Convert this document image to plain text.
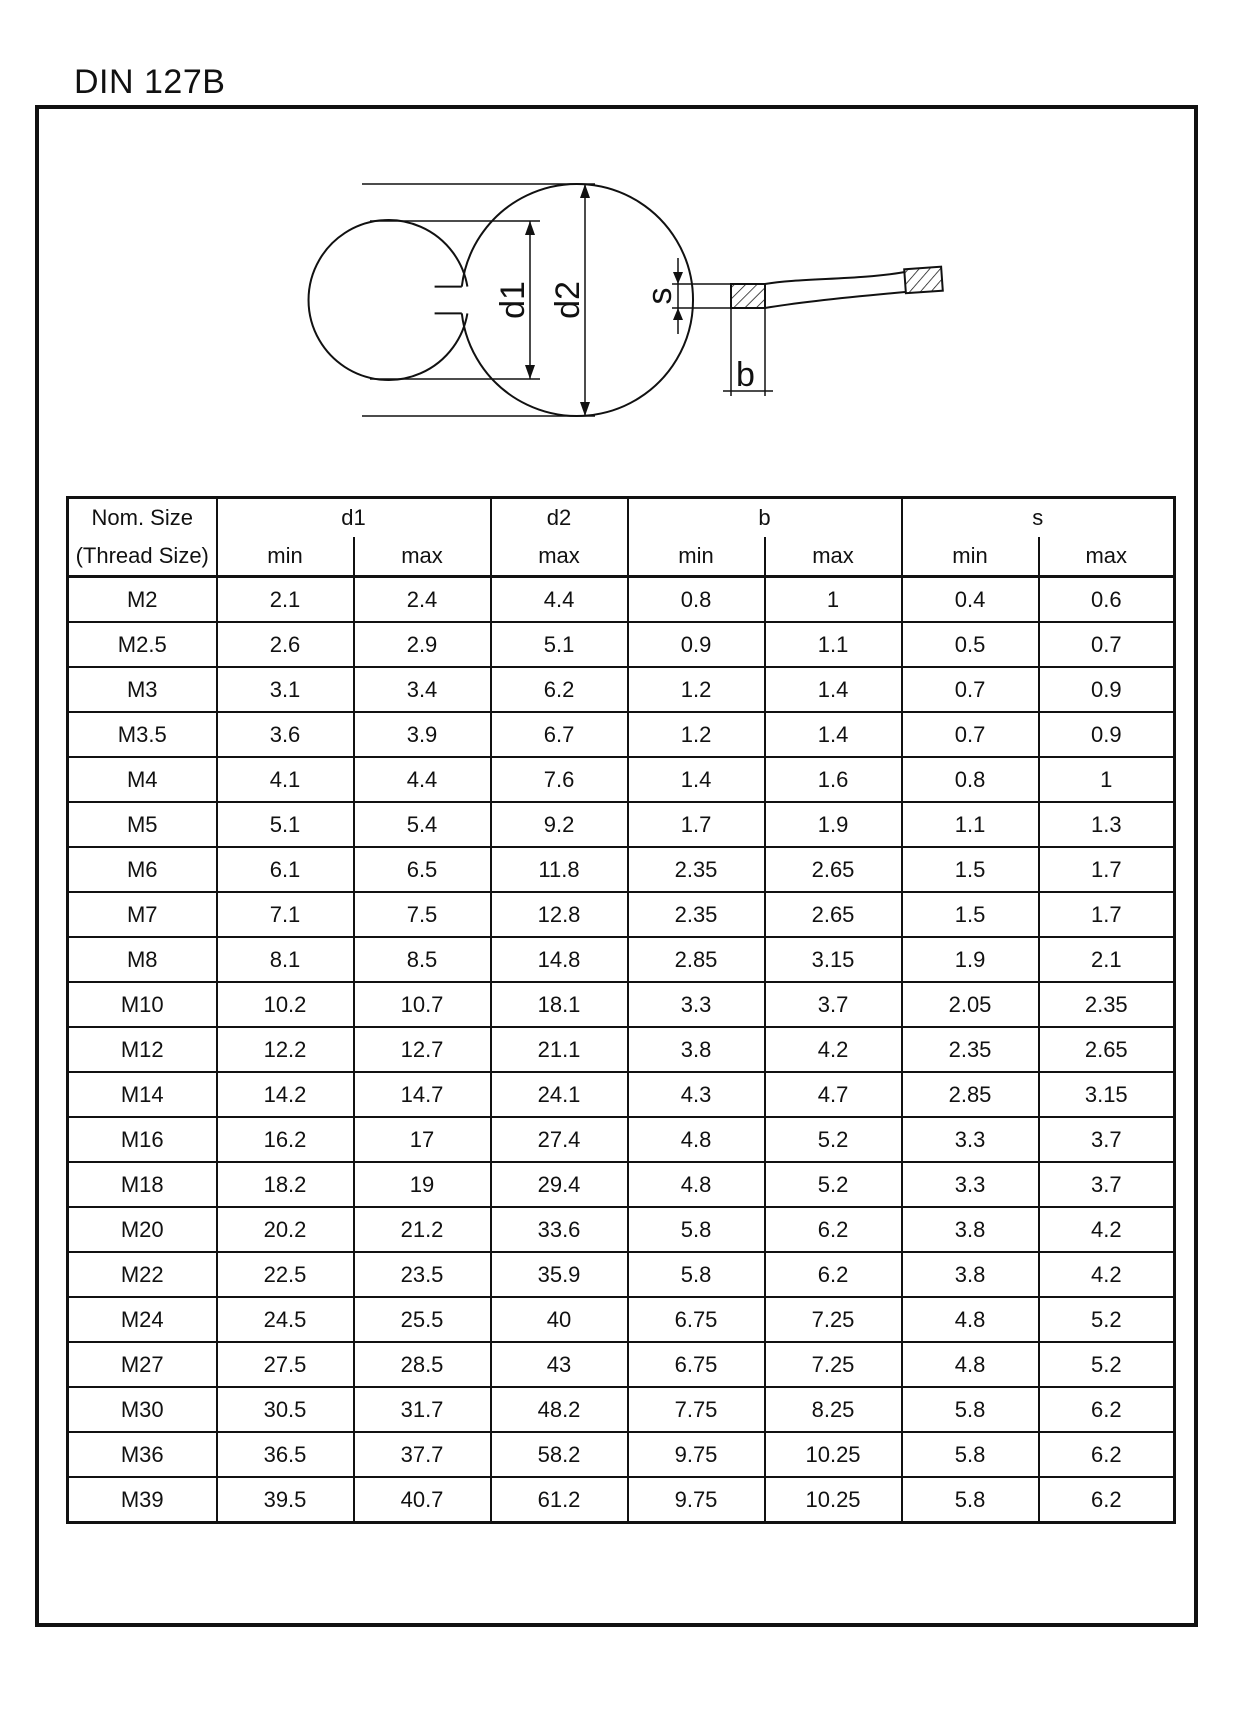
DIN 127B
d1 d2 s
b
Nom. Size	d1		d2	b		s	
(Thread Size)	min	max	max	min	max	min	max
M2	2.1	2.4	4.4	0.8	1	0.4	0.6
M2.5	2.6	2.9	5.1	0.9	1.1	0.5	0.7
M3	3.1	3.4	6.2	1.2	1.4	0.7	0.9
M3.5	3.6	3.9	6.7	1.2	1.4	0.7	0.9
M4	4.1	4.4	7.6	1.4	1.6	0.8	1
M5	5.1	5.4	9.2	1.7	1.9	1.1	1.3
M6	6.1	6.5	11.8	2.35	2.65	1.5	1.7
M7	7.1	7.5	12.8	2.35	2.65	1.5	1.7
M8	8.1	8.5	14.8	2.85	3.15	1.9	2.1
M10	10.2	10.7	18.1	3.3	3.7	2.05	2.35
M12	12.2	12.7	21.1	3.8	4.2	2.35	2.65
M14	14.2	14.7	24.1	4.3	4.7	2.85	3.15
M16	16.2	17	27.4	4.8	5.2	3.3	3.7
M18	18.2	19	29.4	4.8	5.2	3.3	3.7
M20	20.2	21.2	33.6	5.8	6.2	3.8	4.2
M22	22.5	23.5	35.9	5.8	6.2	3.8	4.2
M24	24.5	25.5	40	6.75	7.25	4.8	5.2
M27	27.5	28.5	43	6.75	7.25	4.8	5.2
M30	30.5	31.7	48.2	7.75	8.25	5.8	6.2
M36	36.5	37.7	58.2	9.75	10.25	5.8	6.2
M39	39.5	40.7	61.2	9.75	10.25	5.8	6.2
